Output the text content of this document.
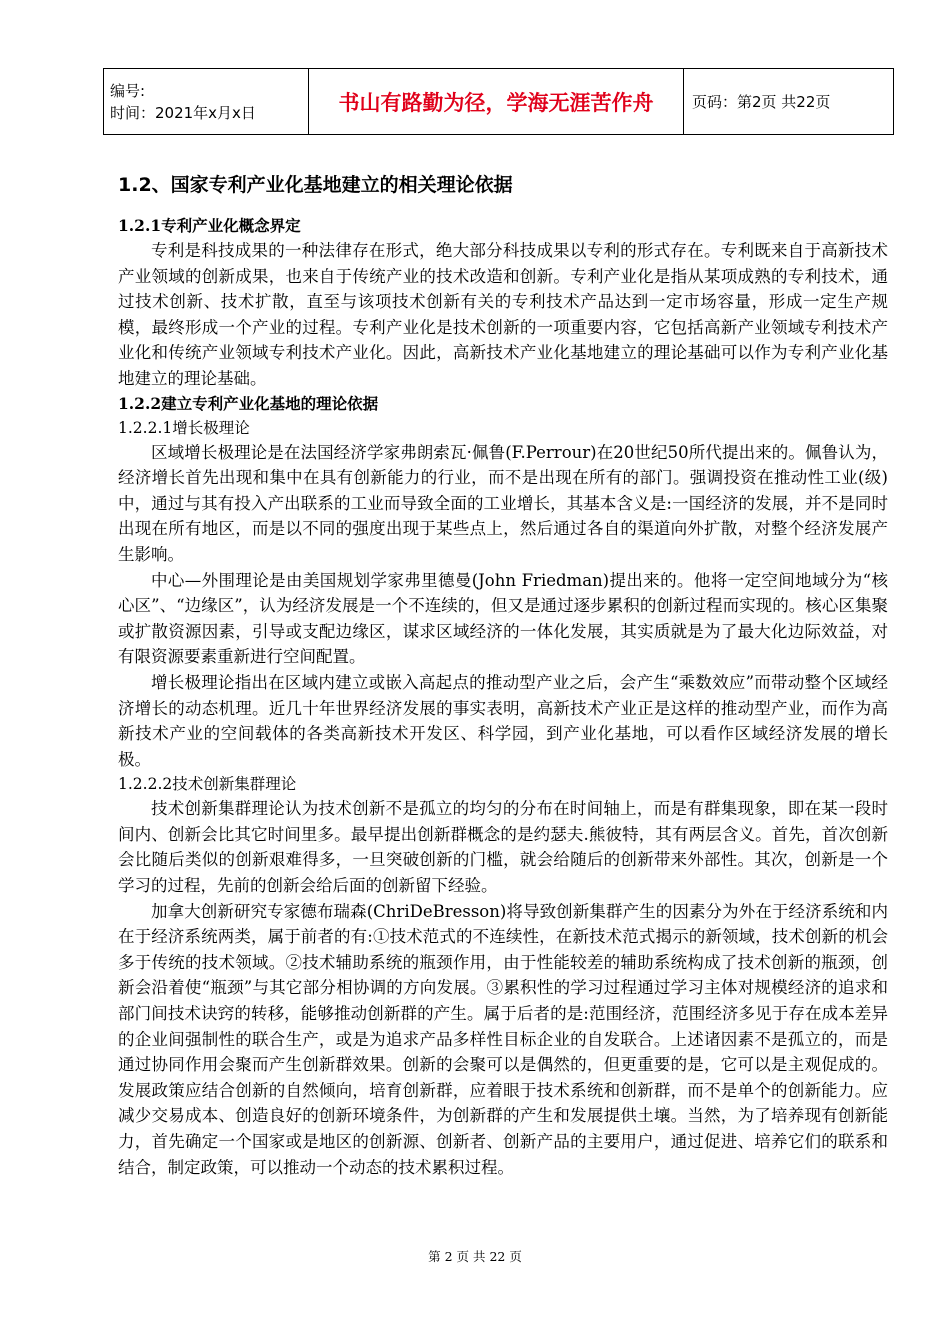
编号:
时间：2021年x月x日	书山有路勤为径，学海无涯苦作舟	页码：第2页 共22页
1.2、国家专利产业化基地建立的相关理论依据
1.2.1专利产业化概念界定

专利是科技成果的一种法律存在形式，绝大部分科技成果以专利的形式存在。专利既来自于高新技术产业领域的创新成果，也来自于传统产业的技术改造和创新。专利产业化是指从某项成熟的专利技术，通过技术创新、技术扩散，直至与该项技术创新有关的专利技术产品达到一定市场容量，形成一定生产规模，最终形成一个产业的过程。专利产业化是技术创新的一项重要内容，它包括高新产业领域专利技术产业化和传统产业领域专利技术产业化。因此，高新技术产业化基地建立的理论基础可以作为专利产业化基地建立的理论基础。

1.2.2建立专利产业化基地的理论依据
1.2.2.1增长极理论

区域增长极理论是在法国经济学家弗朗索瓦·佩鲁(F.Perrour)在20世纪50所代提出来的。佩鲁认为，经济增长首先出现和集中在具有创新能力的行业，而不是出现在所有的部门。强调投资在推动性工业(级)中，通过与其有投入产出联系的工业而导致全面的工业增长，其基本含义是:一国经济的发展，并不是同时出现在所有地区，而是以不同的强度出现于某些点上，然后通过各自的渠道向外扩散，对整个经济发展产生影响。

中心—外围理论是由美国规划学家弗里德曼(John Friedman)提出来的。他将一定空间地域分为“核心区”、“边缘区”，认为经济发展是一个不连续的，但又是通过逐步累积的创新过程而实现的。核心区集聚或扩散资源因素，引导或支配边缘区，谋求区域经济的一体化发展，其实质就是为了最大化边际效益，对有限资源要素重新进行空间配置。

增长极理论指出在区域内建立或嵌入高起点的推动型产业之后，会产生“乘数效应”而带动整个区域经济增长的动态机理。近几十年世界经济发展的事实表明，高新技术产业正是这样的推动型产业，而作为高新技术产业的空间载体的各类高新技术开发区、科学园，到产业化基地，可以看作区域经济发展的增长极。

1.2.2.2技术创新集群理论

技术创新集群理论认为技术创新不是孤立的均匀的分布在时间轴上，而是有群集现象，即在某一段时间内、创新会比其它时间里多。最早提出创新群概念的是约瑟夫.熊彼特，其有两层含义。首先，首次创新会比随后类似的创新艰难得多，一旦突破创新的门槛，就会给随后的创新带来外部性。其次，创新是一个学习的过程，先前的创新会给后面的创新留下经验。

加拿大创新研究专家德布瑞森(ChriDeBresson)将导致创新集群产生的因素分为外在于经济系统和内在于经济系统两类，属于前者的有:①技术范式的不连续性，在新技术范式揭示的新领域，技术创新的机会多于传统的技术领域。②技术辅助系统的瓶颈作用，由于性能较差的辅助系统构成了技术创新的瓶颈，创新会沿着使“瓶颈”与其它部分相协调的方向发展。③累积性的学习过程通过学习主体对规模经济的追求和部门间技术诀窍的转移，能够推动创新群的产生。属于后者的是:范围经济，范围经济多见于存在成本差异的企业间强制性的联合生产，或是为追求产品多样性目标企业的自发联合。上述诸因素不是孤立的，而是通过协同作用会聚而产生创新群效果。创新的会聚可以是偶然的，但更重要的是，它可以是主观促成的。发展政策应结合创新的自然倾向，培育创新群，应着眼于技术系统和创新群，而不是单个的创新能力。应减少交易成本、创造良好的创新环境条件，为创新群的产生和发展提供土壤。当然，为了培养现有创新能力，首先确定一个国家或是地区的创新源、创新者、创新产品的主要用户，通过促进、培养它们的联系和结合，制定政策，可以推动一个动态的技术累积过程。

第 2 页 共 22 页
